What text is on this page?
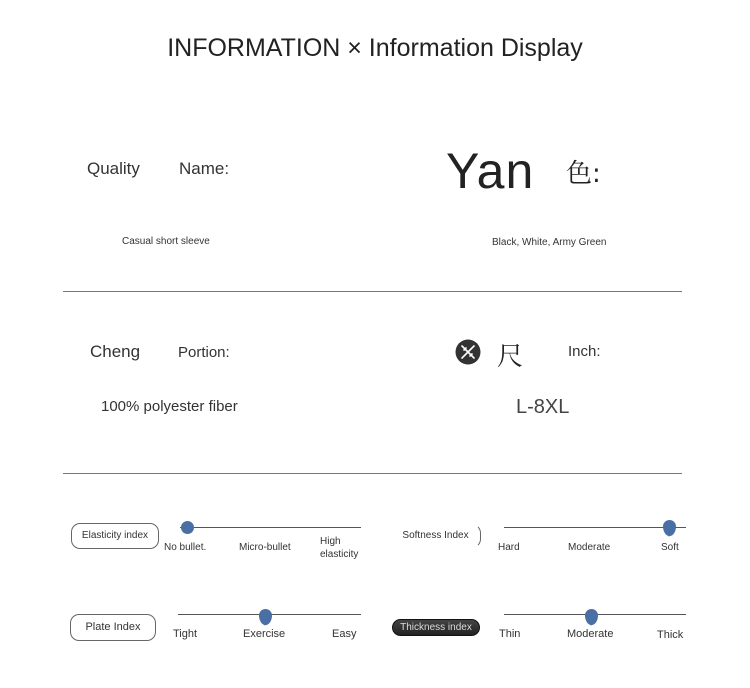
INFORMATION × Information Display
Quality Name:	Yan 色:
Casual short sleeve	Black, White, Army Green
Cheng	Portion:
100% polyester fiber
尺	Inch:
L-8XL
Elasticity index
No bullet.	Micro-bullet
High elasticity
Softness Index
Hard	Moderate	Soft
Plate Index
Tight	Exercise	Easy
Thickness index
Thin	Moderate	Thick
